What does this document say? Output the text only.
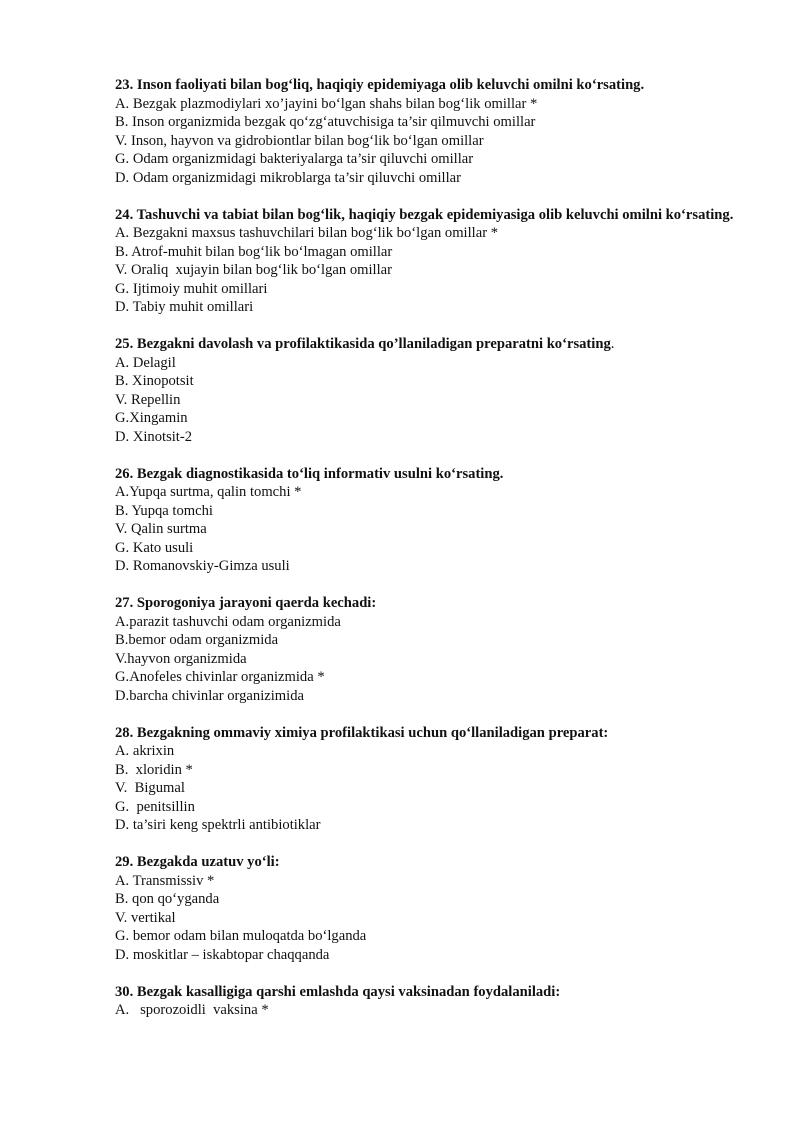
23. Inson faoliyati bilan bog‘liq, haqiqiy epidemiyaga olib keluvchi omilni ko‘rsating.
A. Bezgak plazmodiylari xo’jayini bo‘lgan shahs bilan bog‘lik omillar *
B. Inson organizmida bezgak qo‘zg‘atuvchisiga ta’sir qilmuvchi omillar
V. Inson, hayvon va gidrobiontlar bilan bog‘lik bo‘lgan omillar
G. Odam organizmidagi bakteriyalarga ta’sir qiluvchi omillar
D. Odam organizmidagi mikroblarga ta’sir qiluvchi omillar
24. Tashuvchi va tabiat bilan bog‘lik, haqiqiy bezgak epidemiyasiga olib keluvchi omilni ko‘rsating.
A. Bezgakni maxsus tashuvchilari bilan bog‘lik bo‘lgan omillar *
B. Atrof-muhit bilan bog‘lik bo‘lmagan omillar
V. Oraliq  xujayin bilan bog‘lik bo‘lgan omillar
G. Ijtimoiy muhit omillari
D. Tabiy muhit omillari
25. Bezgakni davolash va profilaktikasida qo’llaniladigan preparatni ko‘rsating.
A. Delagil
B. Xinopotsit
V. Repellin
G.Xingamin
D. Xinotsit-2
26. Bezgak diagnostikasida to‘liq informativ usulni ko‘rsating.
A.Yupqa surtma, qalin tomchi *
B. Yupqa tomchi
V. Qalin surtma
G. Kato usuli
D. Romanovskiy-Gimza usuli
27. Sporogoniya jarayoni qaerda kechadi:
A.parazit tashuvchi odam organizmida
B.bemor odam organizmida
V.hayvon organizmida
G.Anofeles chivinlar organizmida *
D.barcha chivinlar organizimida
28. Bezgakning ommaviy ximiya profilaktikasi uchun qo‘llaniladigan preparat:
A. akrixin
B.  xloridin *
V.  Bigumal
G.  penitsillin
D. ta’siri keng spektrli antibiotiklar
29. Bezgakda uzatuv yo‘li:
A. Transmissiv *
B. qon qo‘yganda
V. vertikal
G. bemor odam bilan muloqatda bo‘lganda
D. moskitlar – iskabtopar chaqqanda
30. Bezgak kasalligiga qarshi emlashda qaysi vaksinadan foydalaniladi:
A.   sporozoidli  vaksina *
